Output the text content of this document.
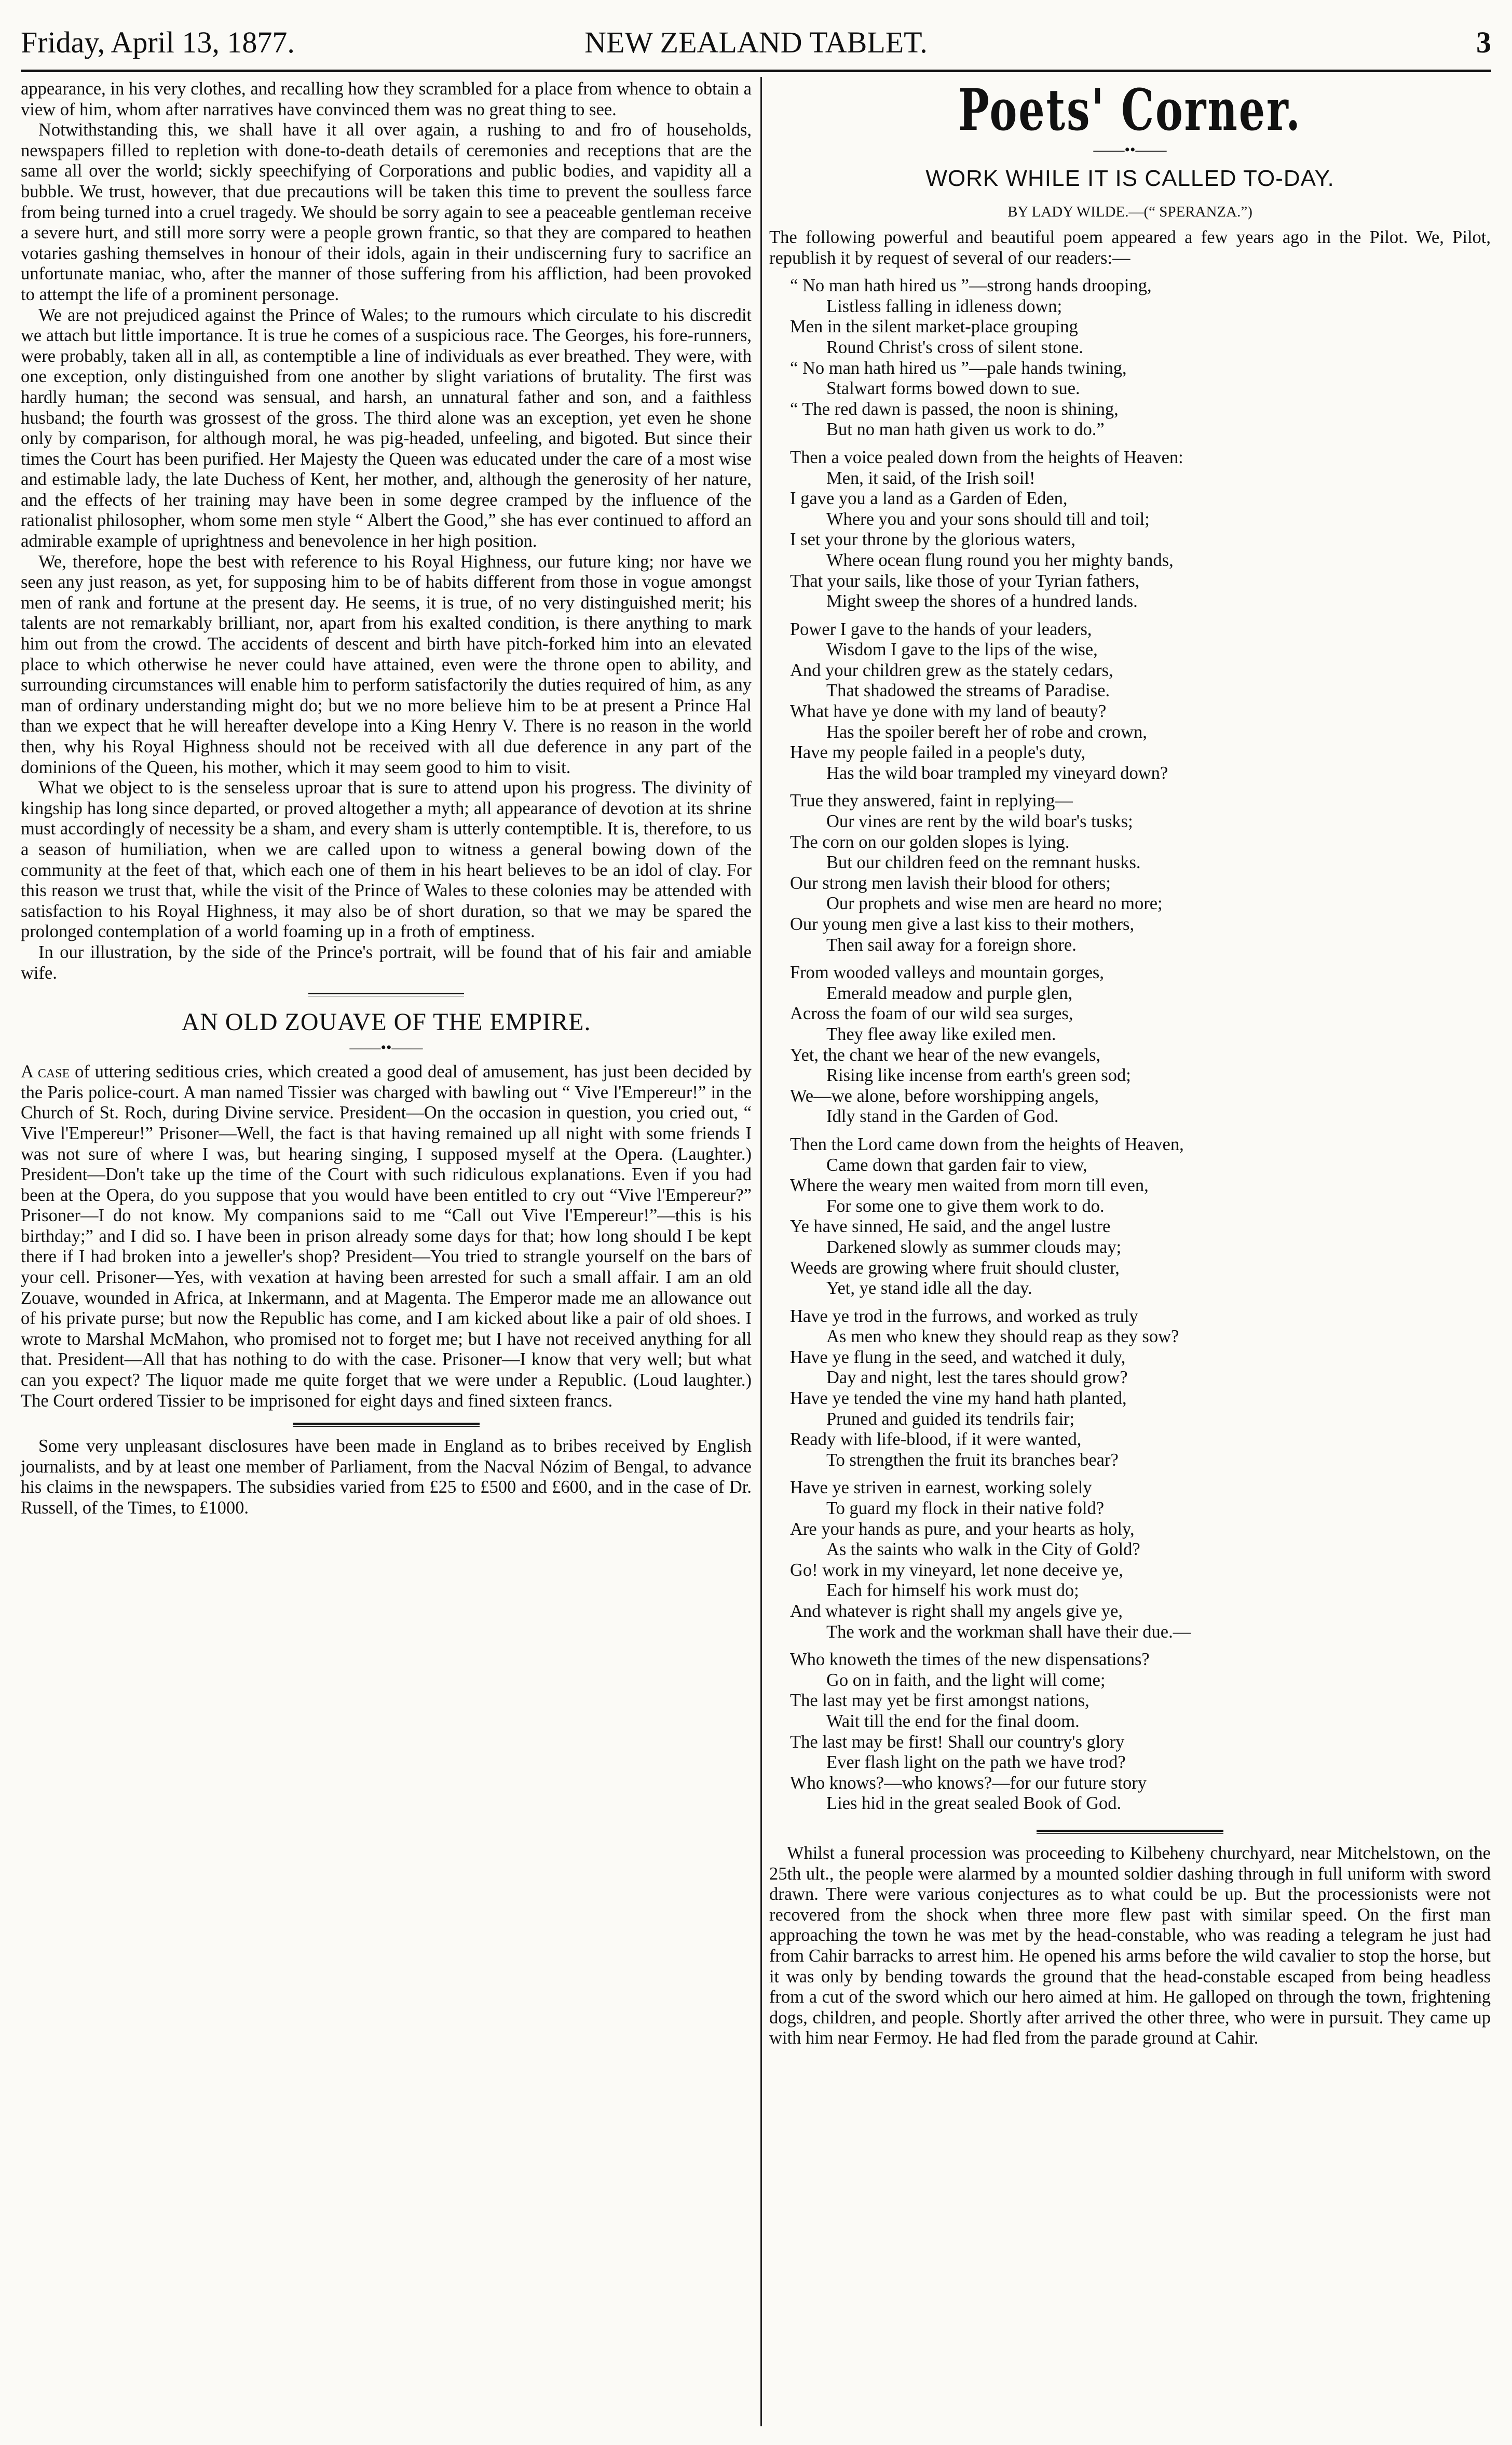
Friday, April 13, 1877.	NEW ZEALAND TABLET.	3

appearance, in his very clothes, and recalling how they scrambled for a place from whence to obtain a view of him, whom after narratives have convinced them was no great thing to see.

Notwithstanding this, we shall have it all over again, a rushing to and fro of households, newspapers filled to repletion with done-to-death details of ceremonies and receptions that are the same all over the world; sickly speechifying of Corporations and public bodies, and vapidity all a bubble. We trust, however, that due precautions will be taken this time to prevent the soulless farce from being turned into a cruel tragedy. We should be sorry again to see a peaceable gentleman receive a severe hurt, and still more sorry were a people grown frantic, so that they are compared to heathen votaries gashing themselves in honour of their idols, again in their undiscerning fury to sacrifice an unfortunate maniac, who, after the manner of those suffering from his affliction, had been provoked to attempt the life of a prominent personage.

We are not prejudiced against the Prince of Wales; to the rumours which circulate to his discredit we attach but little importance. It is true he comes of a suspicious race. The Georges, his fore-runners, were probably, taken all in all, as contemptible a line of individuals as ever breathed. They were, with one exception, only distinguished from one another by slight variations of brutality. The first was hardly human; the second was sensual, and harsh, an unnatural father and son, and a faithless husband; the fourth was grossest of the gross. The third alone was an exception, yet even he shone only by comparison, for although moral, he was pig-headed, unfeeling, and bigoted. But since their times the Court has been purified. Her Majesty the Queen was educated under the care of a most wise and estimable lady, the late Duchess of Kent, her mother, and, although the generosity of her nature, and the effects of her training may have been in some degree cramped by the influence of the rationalist philosopher, whom some men style “ Albert the Good,” she has ever continued to afford an admirable example of uprightness and benevolence in her high position.

We, therefore, hope the best with reference to his Royal Highness, our future king; nor have we seen any just reason, as yet, for supposing him to be of habits different from those in vogue amongst men of rank and fortune at the present day. He seems, it is true, of no very distinguished merit; his talents are not remarkably brilliant, nor, apart from his exalted condition, is there anything to mark him out from the crowd. The accidents of descent and birth have pitch-forked him into an elevated place to which otherwise he never could have attained, even were the throne open to ability, and surrounding circumstances will enable him to perform satisfactorily the duties required of him, as any man of ordinary understanding might do; but we no more believe him to be at present a Prince Hal than we expect that he will hereafter develope into a King Henry V. There is no reason in the world then, why his Royal Highness should not be received with all due deference in any part of the dominions of the Queen, his mother, which it may seem good to him to visit.

What we object to is the senseless uproar that is sure to attend upon his progress. The divinity of kingship has long since departed, or proved altogether a myth; all appearance of devotion at its shrine must accordingly of necessity be a sham, and every sham is utterly contemptible. It is, therefore, to us a season of humiliation, when we are called upon to witness a general bowing down of the community at the feet of that, which each one of them in his heart believes to be an idol of clay. For this reason we trust that, while the visit of the Prince of Wales to these colonies may be attended with satisfaction to his Royal Highness, it may also be of short duration, so that we may be spared the prolonged contemplation of a world foaming up in a froth of emptiness.

In our illustration, by the side of the Prince's portrait, will be found that of his fair and amiable wife.

AN OLD ZOUAVE OF THE EMPIRE.
——••——

A case of uttering seditious cries, which created a good deal of amusement, has just been decided by the Paris police-court. A man named Tissier was charged with bawling out “ Vive l'Empereur!” in the Church of St. Roch, during Divine service. President—On the occasion in question, you cried out, “ Vive l'Empereur!” Prisoner—Well, the fact is that having remained up all night with some friends I was not sure of where I was, but hearing singing, I supposed myself at the Opera. (Laughter.) President—Don't take up the time of the Court with such ridiculous explanations. Even if you had been at the Opera, do you suppose that you would have been entitled to cry out “Vive l'Empereur?” Prisoner—I do not know. My companions said to me “Call out Vive l'Empereur!”—this is his birthday;” and I did so. I have been in prison already some days for that; how long should I be kept there if I had broken into a jeweller's shop? President—You tried to strangle yourself on the bars of your cell. Prisoner—Yes, with vexation at having been arrested for such a small affair. I am an old Zouave, wounded in Africa, at Inkermann, and at Magenta. The Emperor made me an allowance out of his private purse; but now the Republic has come, and I am kicked about like a pair of old shoes. I wrote to Marshal McMahon, who promised not to forget me; but I have not received anything for all that. President—All that has nothing to do with the case. Prisoner—I know that very well; but what can you expect? The liquor made me quite forget that we were under a Republic. (Loud laughter.) The Court ordered Tissier to be imprisoned for eight days and fined sixteen francs.

Some very unpleasant disclosures have been made in England as to bribes received by English journalists, and by at least one member of Parliament, from the Nacval Nózim of Bengal, to advance his claims in the newspapers. The subsidies varied from £25 to £500 and £600, and in the case of Dr. Russell, of the Times, to £1000.

Poets' Corner.
——••——
WORK WHILE IT IS CALLED TO-DAY.
BY LADY WILDE.—(“ SPERANZA.”)

The following powerful and beautiful poem appeared a few years ago in the Pilot. We, Pilot, republish it by request of several of our readers:—

“ No man hath hired us ”—strong hands drooping,
Listless falling in idleness down;
Men in the silent market-place grouping
Round Christ's cross of silent stone.
“ No man hath hired us ”—pale hands twining,
Stalwart forms bowed down to sue.
“ The red dawn is passed, the noon is shining,
But no man hath given us work to do.”
Then a voice pealed down from the heights of Heaven:
Men, it said, of the Irish soil!
I gave you a land as a Garden of Eden,
Where you and your sons should till and toil;
I set your throne by the glorious waters,
Where ocean flung round you her mighty bands,
That your sails, like those of your Tyrian fathers,
Might sweep the shores of a hundred lands.
Power I gave to the hands of your leaders,
Wisdom I gave to the lips of the wise,
And your children grew as the stately cedars,
That shadowed the streams of Paradise.
What have ye done with my land of beauty?
Has the spoiler bereft her of robe and crown,
Have my people failed in a people's duty,
Has the wild boar trampled my vineyard down?
True they answered, faint in replying—
Our vines are rent by the wild boar's tusks;
The corn on our golden slopes is lying.
But our children feed on the remnant husks.
Our strong men lavish their blood for others;
Our prophets and wise men are heard no more;
Our young men give a last kiss to their mothers,
Then sail away for a foreign shore.
From wooded valleys and mountain gorges,
Emerald meadow and purple glen,
Across the foam of our wild sea surges,
They flee away like exiled men.
Yet, the chant we hear of the new evangels,
Rising like incense from earth's green sod;
We—we alone, before worshipping angels,
Idly stand in the Garden of God.
Then the Lord came down from the heights of Heaven,
Came down that garden fair to view,
Where the weary men waited from morn till even,
For some one to give them work to do.
Ye have sinned, He said, and the angel lustre
Darkened slowly as summer clouds may;
Weeds are growing where fruit should cluster,
Yet, ye stand idle all the day.
Have ye trod in the furrows, and worked as truly
As men who knew they should reap as they sow?
Have ye flung in the seed, and watched it duly,
Day and night, lest the tares should grow?
Have ye tended the vine my hand hath planted,
Pruned and guided its tendrils fair;
Ready with life-blood, if it were wanted,
To strengthen the fruit its branches bear?
Have ye striven in earnest, working solely
To guard my flock in their native fold?
Are your hands as pure, and your hearts as holy,
As the saints who walk in the City of Gold?
Go! work in my vineyard, let none deceive ye,
Each for himself his work must do;
And whatever is right shall my angels give ye,
The work and the workman shall have their due.—
Who knoweth the times of the new dispensations?
Go on in faith, and the light will come;
The last may yet be first amongst nations,
Wait till the end for the final doom.
The last may be first! Shall our country's glory
Ever flash light on the path we have trod?
Who knows?—who knows?—for our future story
Lies hid in the great sealed Book of God.

Whilst a funeral procession was proceeding to Kilbeheny churchyard, near Mitchelstown, on the 25th ult., the people were alarmed by a mounted soldier dashing through in full uniform with sword drawn. There were various conjectures as to what could be up. But the processionists were not recovered from the shock when three more flew past with similar speed. On the first man approaching the town he was met by the head-constable, who was reading a telegram he just had from Cahir barracks to arrest him. He opened his arms before the wild cavalier to stop the horse, but it was only by bending towards the ground that the head-constable escaped from being headless from a cut of the sword which our hero aimed at him. He galloped on through the town, frightening dogs, children, and people. Shortly after arrived the other three, who were in pursuit. They came up with him near Fermoy. He had fled from the parade ground at Cahir.
